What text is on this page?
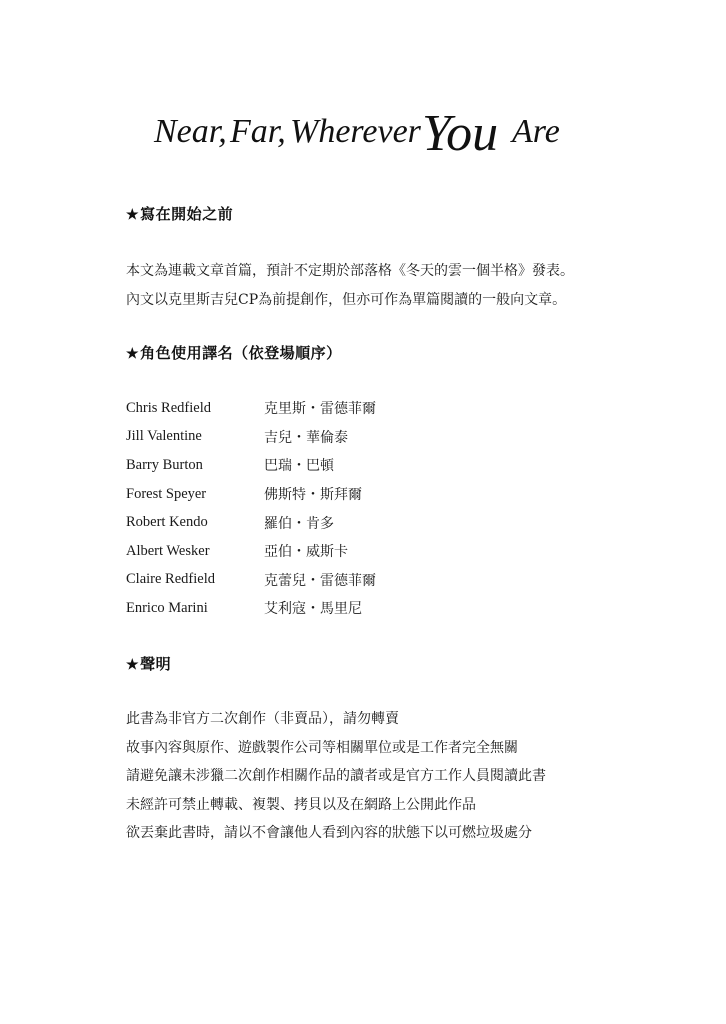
Near, Far, Wherever You Are
★寫在開始之前
本文為連載文章首篇，預計不定期於部落格《冬天的雲一個半格》發表。
內文以克里斯吉兒CP為前提創作，但亦可作為單篇閱讀的一般向文章。
★角色使用譯名（依登場順序）
Chris Redfield	克里斯・雷德菲爾
Jill Valentine	吉兒・華倫泰
Barry Burton	巴瑞・巴頓
Forest Speyer	佛斯特・斯拜爾
Robert Kendo	羅伯・肯多
Albert Wesker	亞伯・威斯卡
Claire Redfield	克蕾兒・雷德菲爾
Enrico Marini	艾利寇・馬里尼
★聲明
此書為非官方二次創作（非賣品），請勿轉賣
故事內容與原作、遊戲製作公司等相關單位或是工作者完全無關
請避免讓未涉獵二次創作相關作品的讀者或是官方工作人員閱讀此書
未經許可禁止轉載、複製、拷貝以及在網路上公開此作品
欲丟棄此書時，請以不會讓他人看到內容的狀態下以可燃垃圾處分
